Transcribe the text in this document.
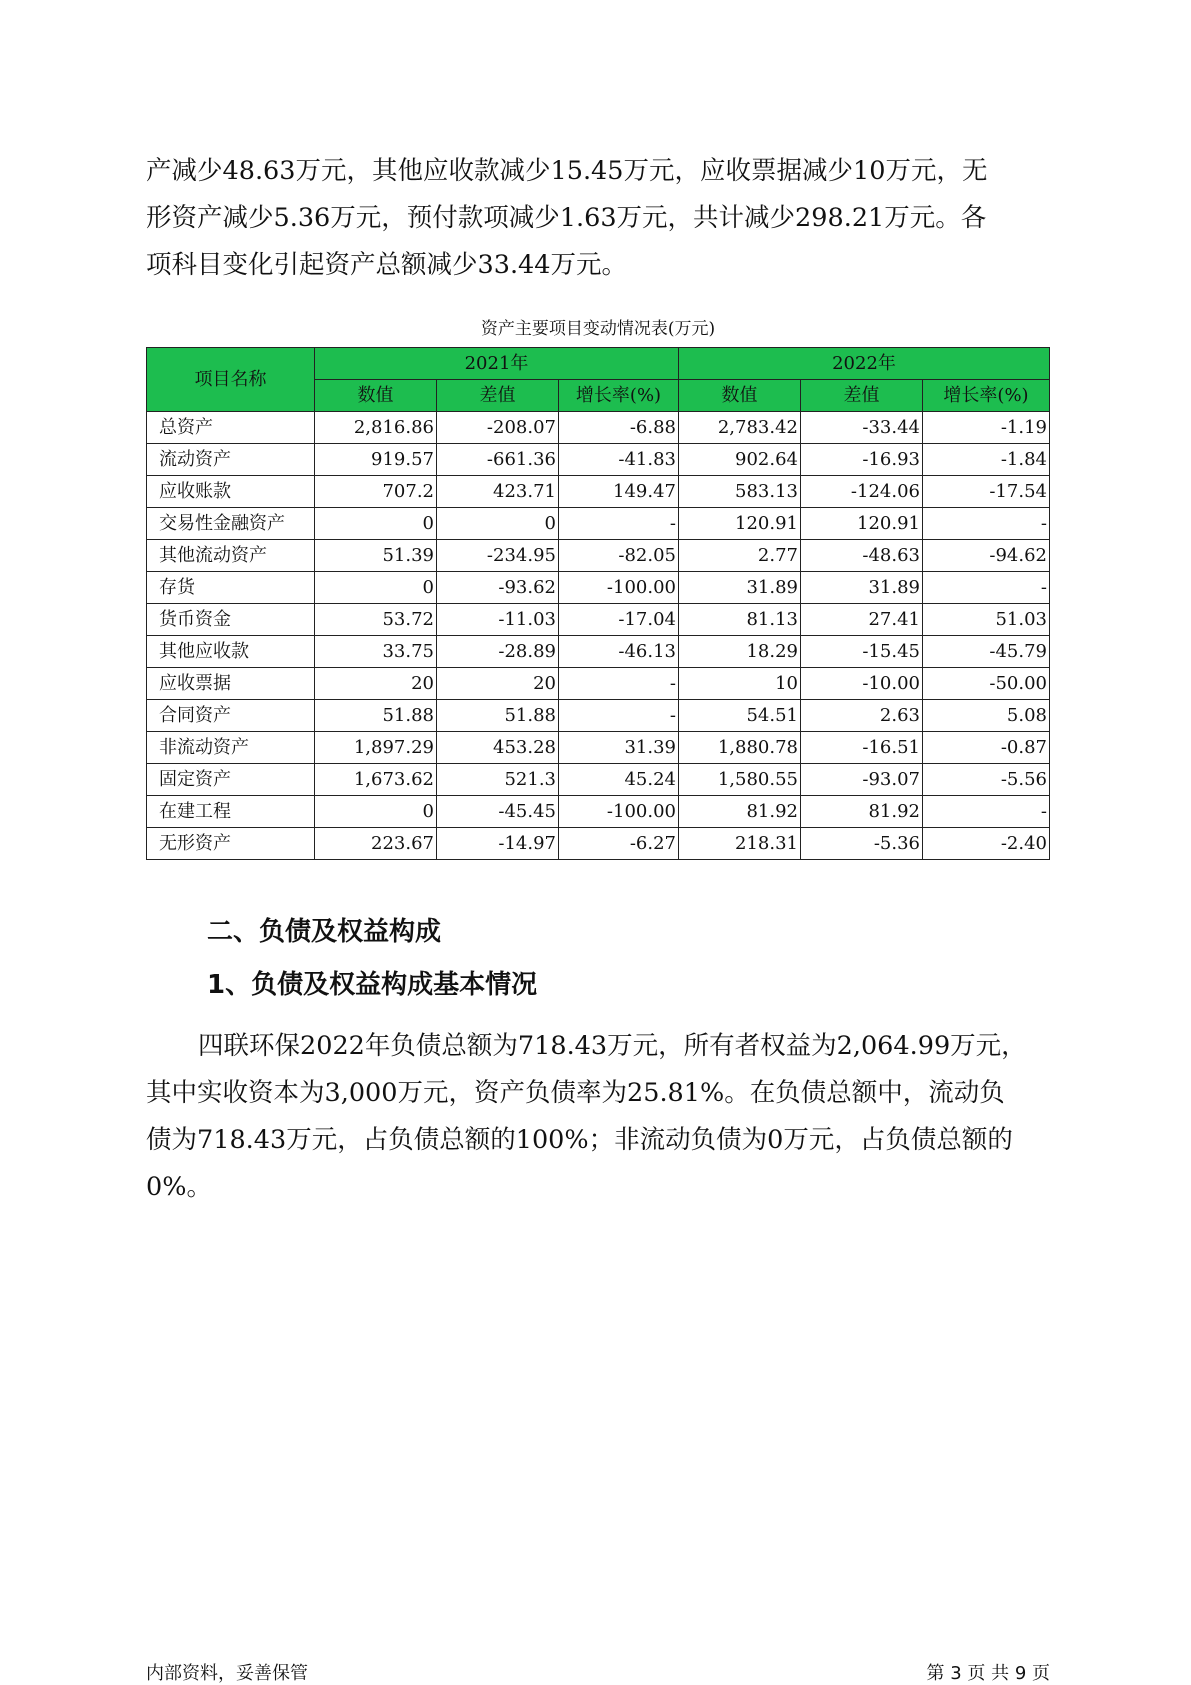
产减少48.63万元，其他应收款减少15.45万元，应收票据减少10万元，无
形资产减少5.36万元，预付款项减少1.63万元，共计减少298.21万元。各
项科目变化引起资产总额减少33.44万元。

资产主要项目变动情况表(万元)
项目名称	2021年			2022年		
	数值	差值	增长率(%)	数值	差值	增长率(%)
总资产	2,816.86	-208.07	-6.88	2,783.42	-33.44	-1.19
流动资产	919.57	-661.36	-41.83	902.64	-16.93	-1.84
应收账款	707.2	423.71	149.47	583.13	-124.06	-17.54
交易性金融资产	0	0	-	120.91	120.91	-
其他流动资产	51.39	-234.95	-82.05	2.77	-48.63	-94.62
存货	0	-93.62	-100.00	31.89	31.89	-
货币资金	53.72	-11.03	-17.04	81.13	27.41	51.03
其他应收款	33.75	-28.89	-46.13	18.29	-15.45	-45.79
应收票据	20	20	-	10	-10.00	-50.00
合同资产	51.88	51.88	-	54.51	2.63	5.08
非流动资产	1,897.29	453.28	31.39	1,880.78	-16.51	-0.87
固定资产	1,673.62	521.3	45.24	1,580.55	-93.07	-5.56
在建工程	0	-45.45	-100.00	81.92	81.92	-
无形资产	223.67	-14.97	-6.27	218.31	-5.36	-2.40
二、负债及权益构成
1、负债及权益构成基本情况

四联环保2022年负债总额为718.43万元，所有者权益为2,064.99万元，
其中实收资本为3,000万元，资产负债率为25.81%。在负债总额中，流动负
债为718.43万元，占负债总额的100%；非流动负债为0万元，占负债总额的
0%。

内部资料，妥善保管	第 3 页 共 9 页
